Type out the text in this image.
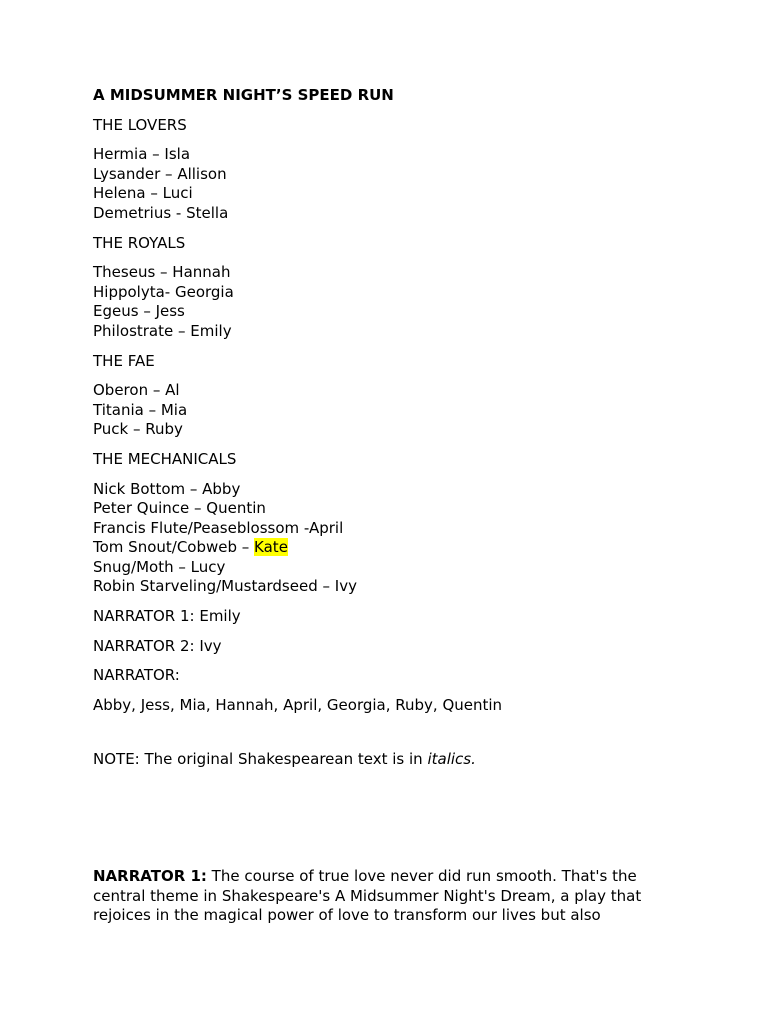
A MIDSUMMER NIGHT’S SPEED RUN
THE LOVERS
Hermia – Isla
Lysander – Allison
Helena – Luci
Demetrius - Stella
THE ROYALS
Theseus – Hannah
Hippolyta- Georgia
Egeus – Jess
Philostrate – Emily
THE FAE
Oberon – Al
Titania – Mia
Puck – Ruby
THE MECHANICALS
Nick Bottom – Abby
Peter Quince – Quentin
Francis Flute/Peaseblossom -April
Tom Snout/Cobweb – Kate
Snug/Moth – Lucy
Robin Starveling/Mustardseed – Ivy
NARRATOR 1: Emily
NARRATOR 2: Ivy
NARRATOR:
Abby, Jess, Mia, Hannah, April, Georgia, Ruby, Quentin
NOTE: The original Shakespearean text is in italics.
NARRATOR 1: The course of true love never did run smooth. That's the central theme in Shakespeare's A Midsummer Night's Dream, a play that rejoices in the magical power of love to transform our lives but also
